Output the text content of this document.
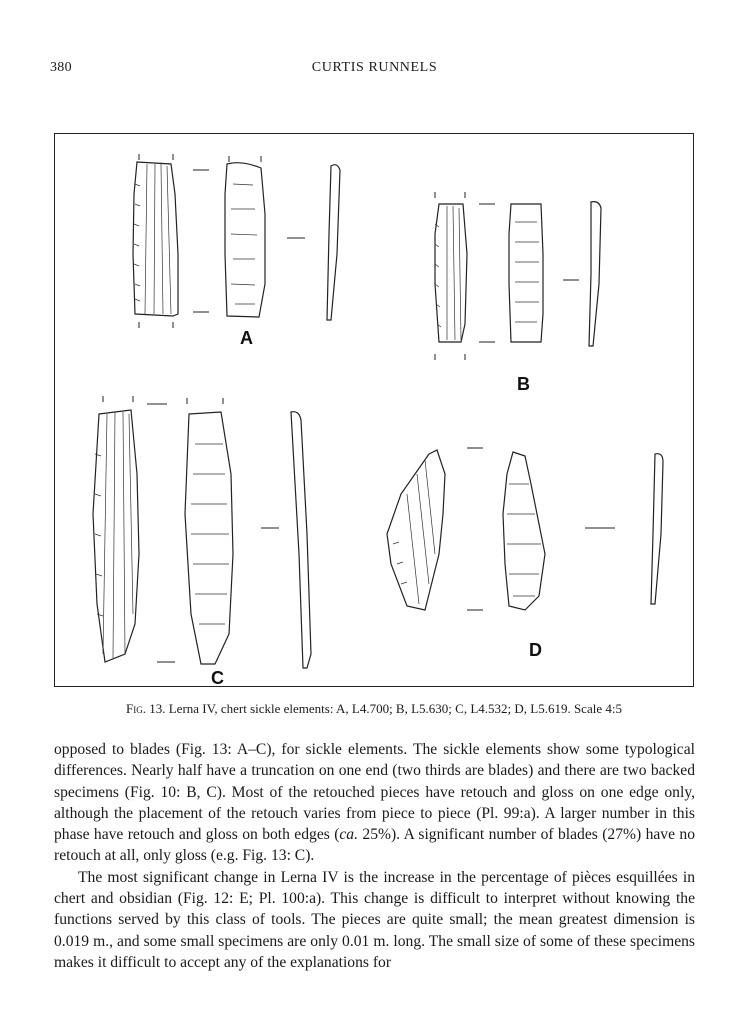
380	CURTIS RUNNELS
A
B
C
D
Fig. 13. Lerna IV, chert sickle elements: A, L4.700; B, L5.630; C, L4.532; D, L5.619. Scale 4:5

opposed to blades (Fig. 13: A–C), for sickle elements. The sickle elements show some typological differences. Nearly half have a truncation on one end (two thirds are blades) and there are two backed specimens (Fig. 10: B, C). Most of the retouched pieces have retouch and gloss on one edge only, although the placement of the retouch varies from piece to piece (Pl. 99:a). A larger number in this phase have retouch and gloss on both edges (ca. 25%). A significant number of blades (27%) have no retouch at all, only gloss (e.g. Fig. 13: C).

The most significant change in Lerna IV is the increase in the percentage of pièces esquillées in chert and obsidian (Fig. 12: E; Pl. 100:a). This change is difficult to interpret without knowing the functions served by this class of tools. The pieces are quite small; the mean greatest dimension is 0.019 m., and some small specimens are only 0.01 m. long. The small size of some of these specimens makes it difficult to accept any of the explanations for
